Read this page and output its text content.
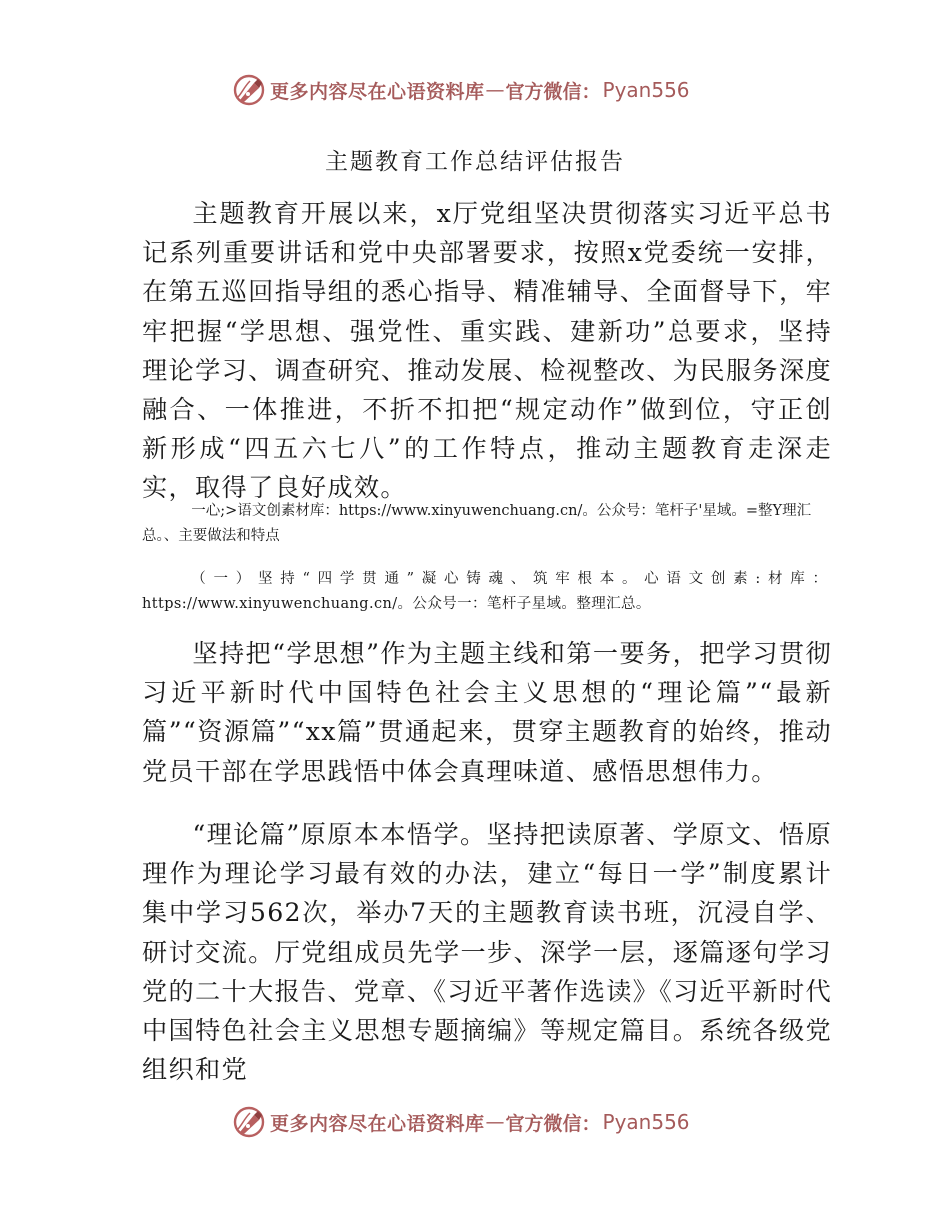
更多内容尽在心语资料库 — 官方微信： Pyan556
主题教育工作总结评估报告

主题教育开展以来，x厅党组坚决贯彻落实习近平总书记系列重要讲话和党中央部署要求，按照x党委统一安排，在第五巡回指导组的悉心指导、精准辅导、全面督导下，牢牢把握“学思想、强党性、重实践、建新功”总要求，坚持理论学习、调查研究、推动发展、检视整改、为民服务深度融合、一体推进，不折不扣把“规定动作”做到位，守正创新形成“四五六七八”的工作特点，推动主题教育走深走实，取得了良好成效。

一心;>语文创素材库：https://www.xinyuwenchuang.cn/。公众号：笔杆子'星域。=整Y理汇总。、主要做法和特点

（一）坚持“四学贯通”凝心铸魂、筑牢根本。心语文创素:材库：https://www.xinyuwenchuang.cn/。公众号一：笔杆子星域。整理汇总。

坚持把“学思想”作为主题主线和第一要务，把学习贯彻习近平新时代中国特色社会主义思想的“理论篇”“最新篇”“资源篇”“xx篇”贯通起来，贯穿主题教育的始终，推动党员干部在学思践悟中体会真理味道、感悟思想伟力。

“理论篇”原原本本悟学。坚持把读原著、学原文、悟原理作为理论学习最有效的办法，建立“每日一学”制度累计集中学习562次，举办7天的主题教育读书班，沉浸自学、研讨交流。厅党组成员先学一步、深学一层，逐篇逐句学习党的二十大报告、党章、《习近平著作选读》《习近平新时代中国特色社会主义思想专题摘编》等规定篇目。系统各级党组织和党

更多内容尽在心语资料库 — 官方微信： Pyan556
